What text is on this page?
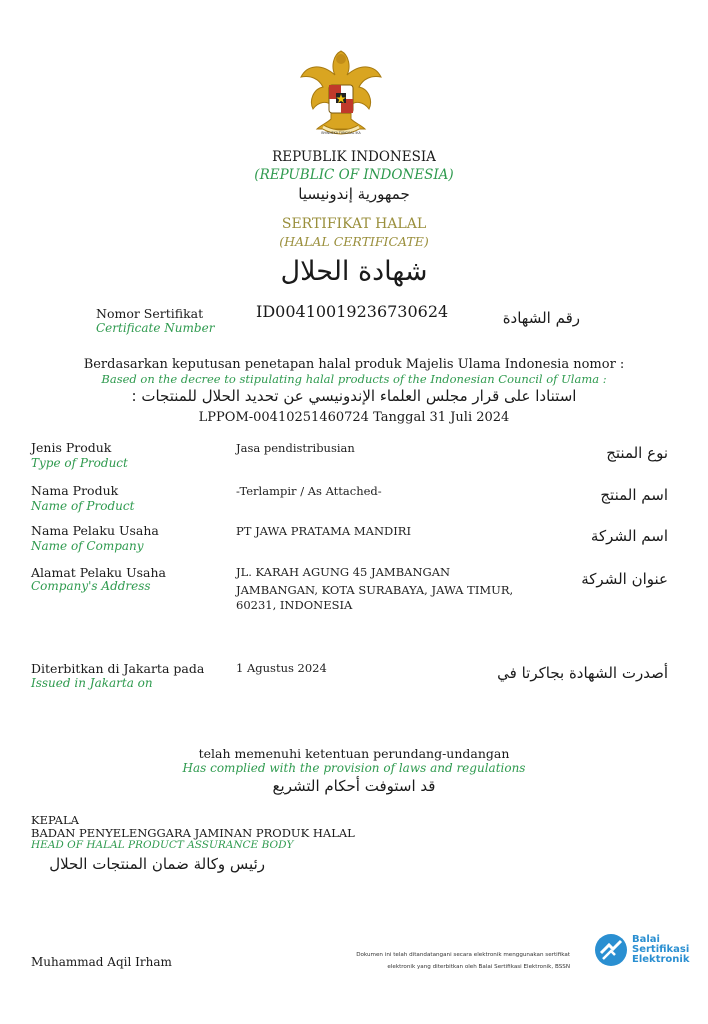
BHINNEKA TUNGGAL IKA
REPUBLIK INDONESIA
(REPUBLIC OF INDONESIA)
جمهورية إندونيسيا
SERTIFIKAT HALAL
(HALAL CERTIFICATE)
شهادة الحلال
Nomor Sertifikat
Certificate Number
ID00410019236730624	رقم الشهادة
Berdasarkan keputusan penetapan halal produk Majelis Ulama Indonesia nomor :
Based on the decree to stipulating halal products of the Indonesian Council of Ulama :
استنادا على قرار مجلس العلماء الإندونيسي عن تحديد الحلال للمنتجات :
LPPOM-00410251460724 Tanggal 31 Juli 2024
Jenis Produk
Type of Product
Jasa pendistribusian	نوع المنتج
Nama Produk
Name of Product
-Terlampir / As Attached-	اسم المنتج
Nama Pelaku Usaha
Name of Company
PT JAWA PRATAMA MANDIRI	اسم الشركة
Alamat Pelaku Usaha
Company's Address
JL. KARAH AGUNG 45 JAMBANGAN
JAMBANGAN, KOTA SURABAYA, JAWA TIMUR,
60231, INDONESIA
عنوان الشركة
Diterbitkan di Jakarta pada
Issued in Jakarta on
1 Agustus 2024	أصدرت الشهادة بجاكرتا في
telah memenuhi ketentuan perundang-undangan
Has complied with the provision of laws and regulations
قد استوفت أحكام التشريع
KEPALA
BADAN PENYELENGGARA JAMINAN PRODUK HALAL
HEAD OF HALAL PRODUCT ASSURANCE BODY
رئيس وكالة ضمان المنتجات الحلال
Muhammad Aqil Irham	Dokumen ini telah ditandatangani secara elektronik menggunakan sertifikat
elektronik yang diterbitkan oleh Balai Sertifikasi Elektronik, BSSN
Balai
Sertifikasi
Elektronik
